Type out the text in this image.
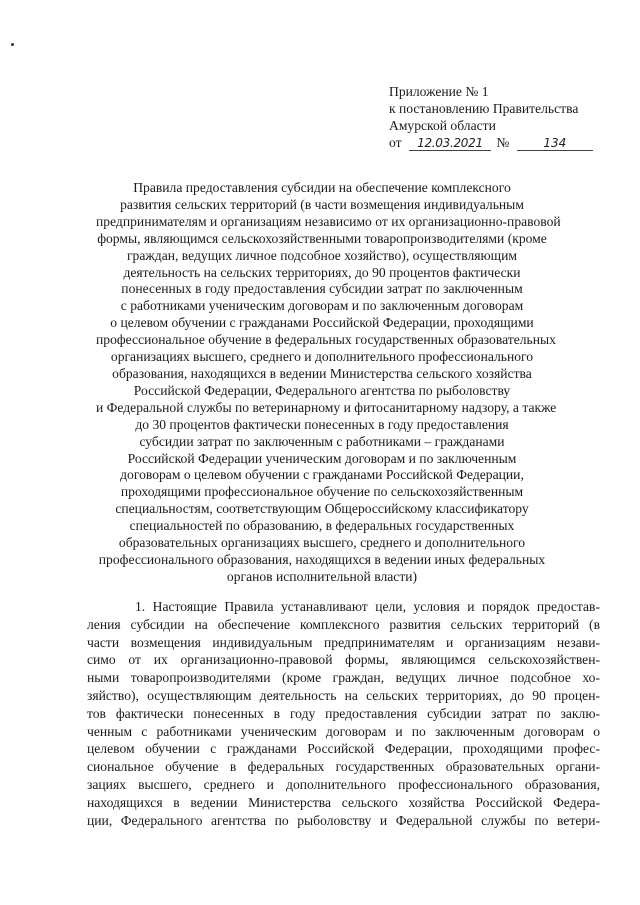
Приложение № 1
к постановлению Правительства
Амурской области
от 12.03.2021 №	134
Правила предоставления субсидии на обеспечение комплексного
развития сельских территорий (в части возмещения индивидуальным
предпринимателям и организациям независимо от их организационно-правовой
формы, являющимся сельскохозяйственными товаропроизводителями (кроме
граждан, ведущих личное подсобное хозяйство), осуществляющим
деятельность на сельских территориях, до 90 процентов фактически
понесенных в году предоставления субсидии затрат по заключенным
с работниками ученическим договорам и по заключенным договорам
о целевом обучении с гражданами Российской Федерации, проходящими
профессиональное обучение в федеральных государственных образовательных
организациях высшего, среднего и дополнительного профессионального
образования, находящихся в ведении Министерства сельского хозяйства
Российской Федерации, Федерального агентства по рыболовству
и Федеральной службы по ветеринарному и фитосанитарному надзору, а также
до 30 процентов фактически понесенных в году предоставления
субсидии затрат по заключенным с работниками – гражданами
Российской Федерации ученическим договорам и по заключенным
договорам о целевом обучении с гражданами Российской Федерации,
проходящими профессиональное обучение по сельскохозяйственным
специальностям, соответствующим Общероссийскому классификатору
специальностей по образованию, в федеральных государственных
образовательных организациях высшего, среднего и дополнительного
профессионального образования, находящихся в ведении иных федеральных
органов исполнительной власти)
1. Настоящие Правила устанавливают цели, условия и порядок предостав-
ления субсидии на обеспечение комплексного развития сельских территорий (в
части возмещения индивидуальным предпринимателям и организациям незави-
симо от их организационно-правовой формы, являющимся сельскохозяйствен-
ными товаропроизводителями (кроме граждан, ведущих личное подсобное хо-
зяйство), осуществляющим деятельность на сельских территориях, до 90 процен-
тов фактически понесенных в году предоставления субсидии затрат по заклю-
ченным с работниками ученическим договорам и по заключенным договорам о
целевом обучении с гражданами Российской Федерации, проходящими профес-
сиональное обучение в федеральных государственных образовательных органи-
зациях высшего, среднего и дополнительного профессионального образования,
находящихся в ведении Министерства сельского хозяйства Российской Федера-
ции, Федерального агентства по рыболовству и Федеральной службы по ветери-
